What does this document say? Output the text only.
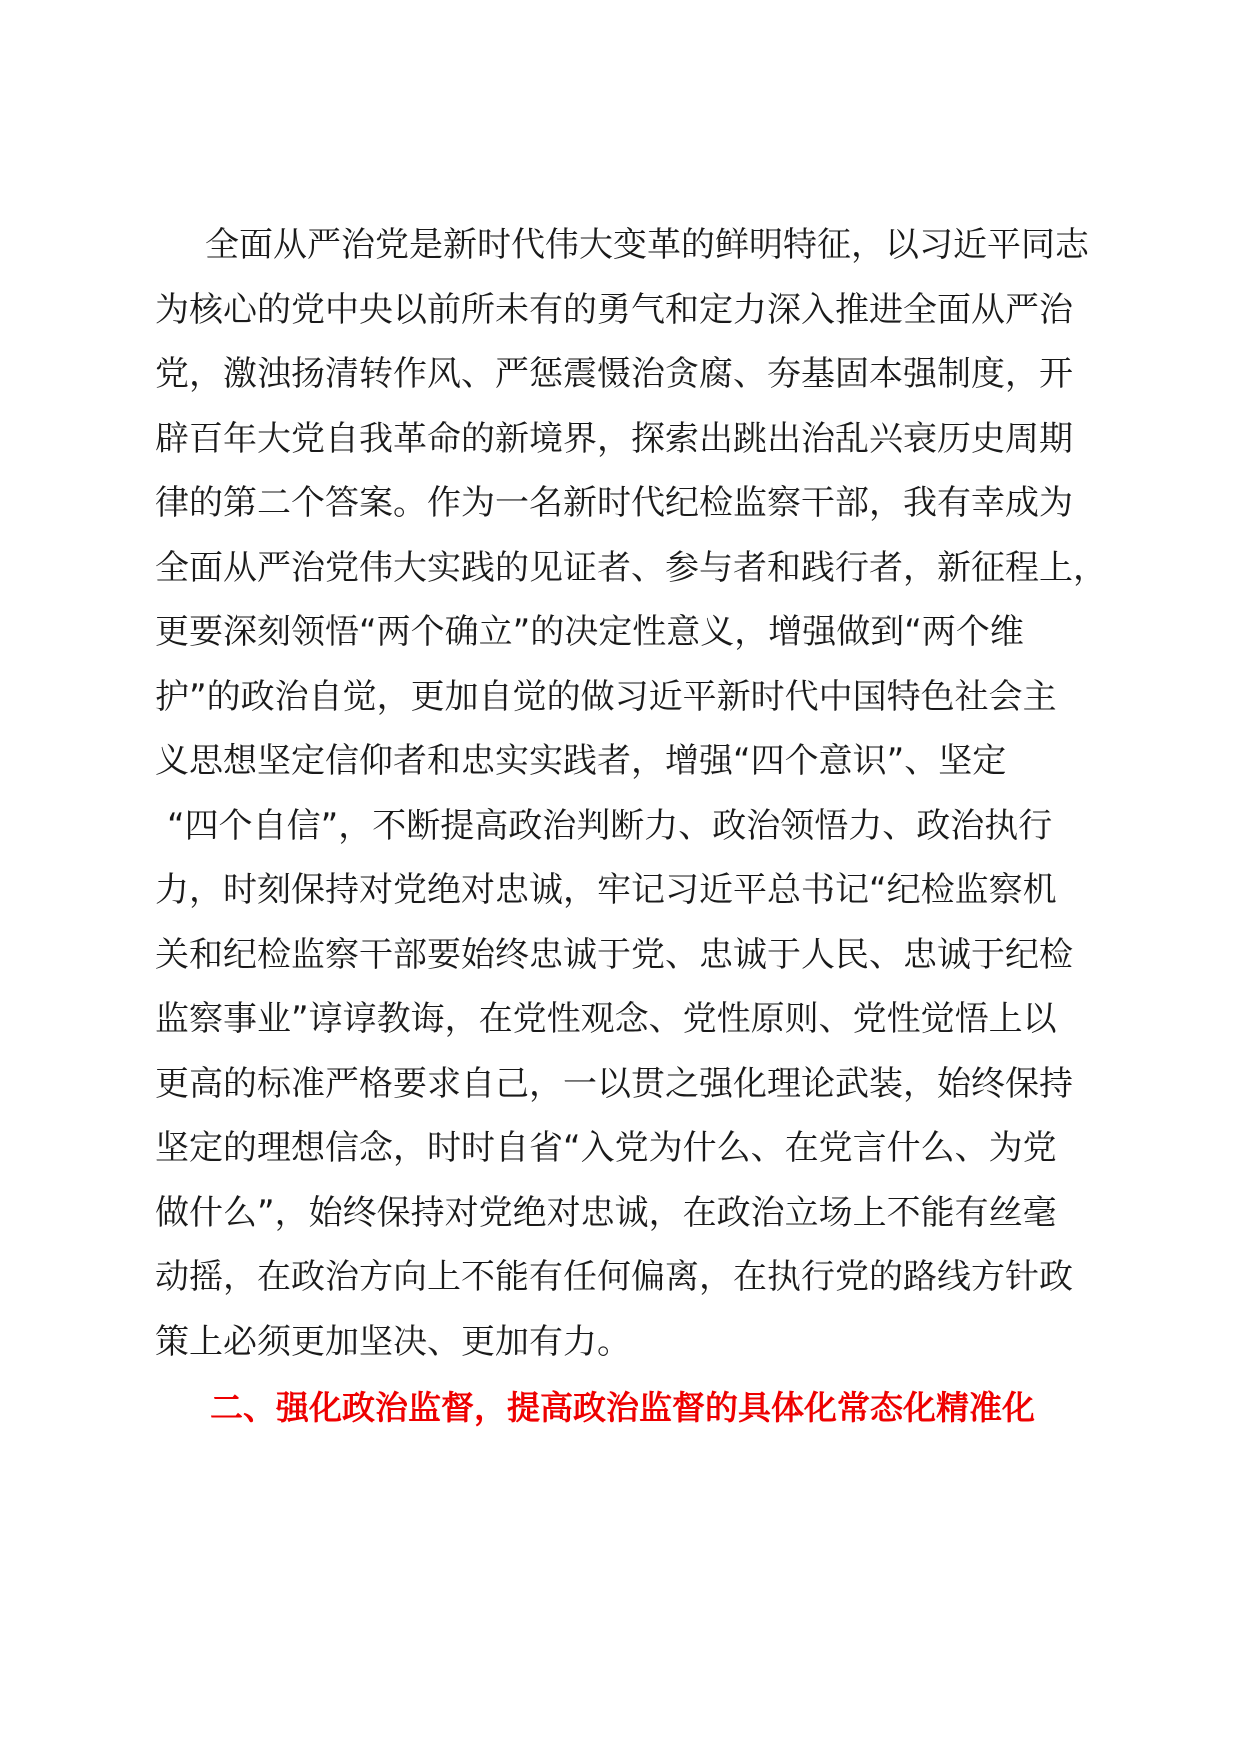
全面从严治党是新时代伟大变革的鲜明特征，以习近平同志
为核心的党中央以前所未有的勇气和定力深入推进全面从严治
党，激浊扬清转作风、严惩震慑治贪腐、夯基固本强制度，开
辟百年大党自我革命的新境界，探索出跳出治乱兴衰历史周期
律的第二个答案。作为一名新时代纪检监察干部，我有幸成为
全面从严治党伟大实践的见证者、参与者和践行者，新征程上，
更要深刻领悟“两个确立”的决定性意义，增强做到“两个维
护”的政治自觉，更加自觉的做习近平新时代中国特色社会主
义思想坚定信仰者和忠实实践者，增强“四个意识”、坚定
“四个自信”，不断提高政治判断力、政治领悟力、政治执行
力，时刻保持对党绝对忠诚，牢记习近平总书记“纪检监察机
关和纪检监察干部要始终忠诚于党、忠诚于人民、忠诚于纪检
监察事业”谆谆教诲，在党性观念、党性原则、党性觉悟上以
更高的标准严格要求自己，一以贯之强化理论武装，始终保持
坚定的理想信念，时时自省“入党为什么、在党言什么、为党
做什么”，始终保持对党绝对忠诚，在政治立场上不能有丝毫
动摇，在政治方向上不能有任何偏离，在执行党的路线方针政
策上必须更加坚决、更加有力。
二、强化政治监督，提高政治监督的具体化常态化精准化
